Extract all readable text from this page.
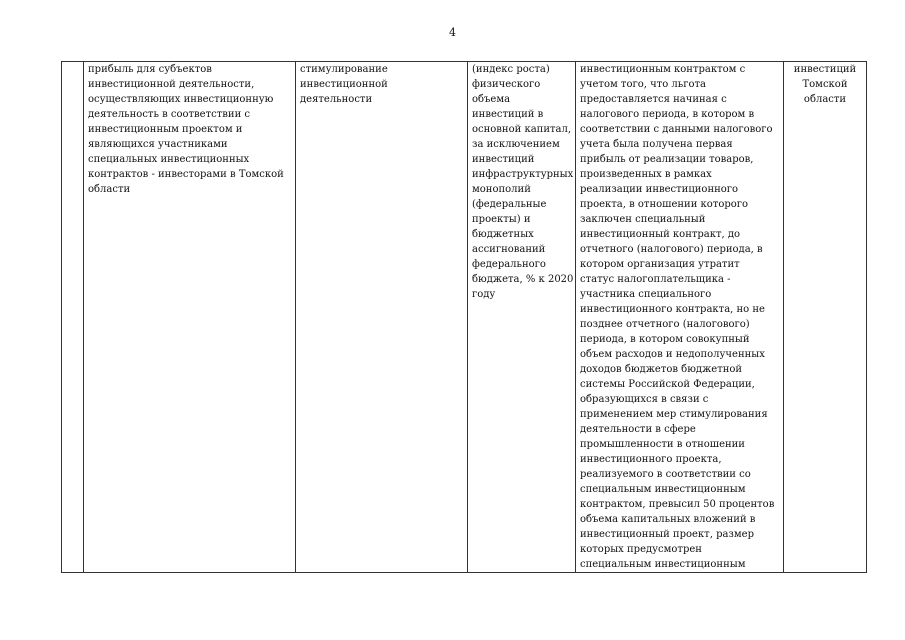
4

прибыль для субъектов
инвестиционной деятельности,
осуществляющих инвестиционную
деятельность в соответствии с
инвестиционным проектом и
являющихся участниками
специальных инвестиционных
контрактов - инвесторами в Томской
области

стимулирование
инвестиционной
деятельности

(индекс роста)
физического
объема
инвестиций в
основной капитал,
за исключением
инвестиций
инфраструктурных
монополий
(федеральные
проекты) и
бюджетных
ассигнований
федерального
бюджета, % к 2020
году

инвестиционным контрактом с
учетом того, что льгота
предоставляется начиная с
налогового периода, в котором в
соответствии с данными налогового
учета была получена первая
прибыль от реализации товаров,
произведенных в рамках
реализации инвестиционного
проекта, в отношении которого
заключен специальный
инвестиционный контракт, до
отчетного (налогового) периода, в
котором организация утратит
статус налогоплательщика -
участника специального
инвестиционного контракта, но не
позднее отчетного (налогового)
периода, в котором совокупный
объем расходов и недополученных
доходов бюджетов бюджетной
системы Российской Федерации,
образующихся в связи с
применением мер стимулирования
деятельности в сфере
промышленности в отношении
инвестиционного проекта,
реализуемого в соответствии со
специальным инвестиционным
контрактом, превысил 50 процентов
объема капитальных вложений в
инвестиционный проект, размер
которых предусмотрен
специальным инвестиционным

инвестиций
Томской
области
